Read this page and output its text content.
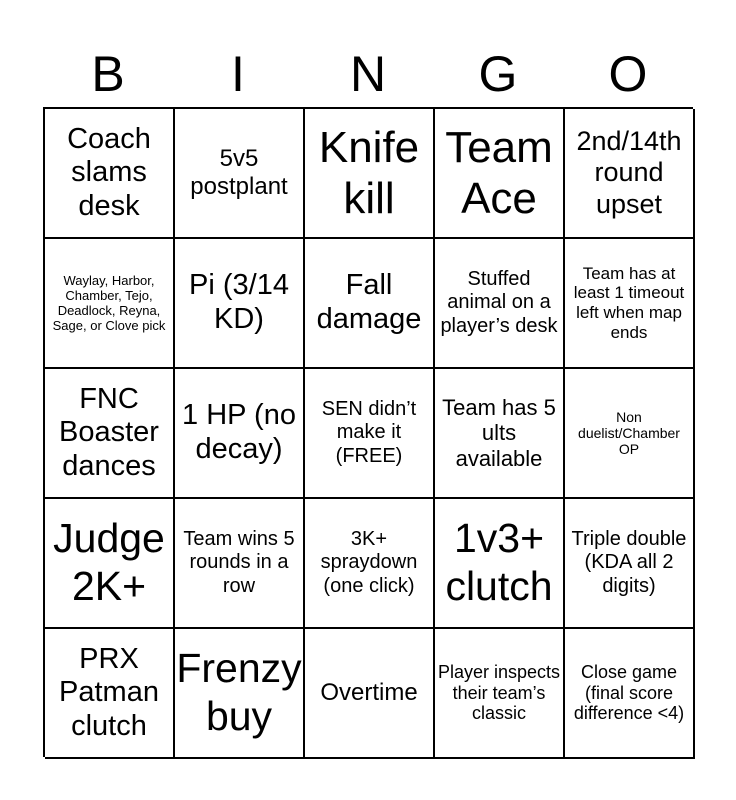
B	I	N	G	O
Coach slams desk
5v5 postplant
Knife kill
Team Ace
2nd/14th round upset
Waylay, Harbor, Chamber, Tejo, Deadlock, Reyna, Sage, or Clove pick
Pi (3/14 KD)
Fall damage
Stuffed animal on a player’s desk
Team has at least 1 timeout left when map ends
FNC Boaster dances
1 HP (no decay)
SEN didn’t make it (FREE)
Team has 5 ults available
Non duelist/Chamber OP
Judge 2K+
Team wins 5 rounds in a row
3K+ spraydown (one click)
1v3+ clutch
Triple double (KDA all 2 digits)
PRX Patman clutch
Frenzy buy
Overtime
Player inspects their team’s classic
Close game (final score difference <4)
